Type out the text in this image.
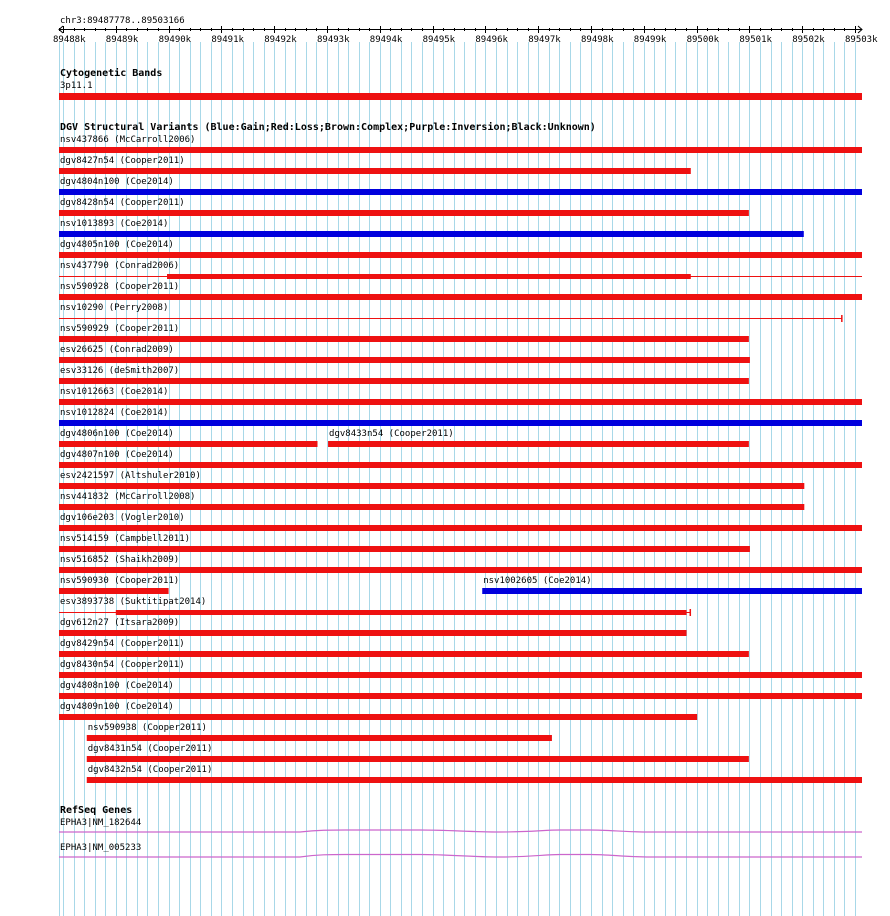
chr3:89487778..89503166
89488k 89489k 89490k 89491k 89492k 89493k 89494k 89495k 89496k 89497k 89498k 89499k 89500k 89501k 89502k 89503k
Cytogenetic Bands
DGV Structural Variants (Blue:Gain;Red:Loss;Brown:Complex;Purple:Inversion;Black:Unknown)
RefSeq Genes
3p11.1
nsv437866 (McCarroll2006)
dgv8427n54 (Cooper2011)
dgv4804n100 (Coe2014)
dgv8428n54 (Cooper2011)
nsv1013893 (Coe2014)
dgv4805n100 (Coe2014)
nsv437790 (Conrad2006)
nsv590928 (Cooper2011)
nsv10290 (Perry2008)
nsv590929 (Cooper2011)
esv26625 (Conrad2009)
esv33126 (deSmith2007)
nsv1012663 (Coe2014)
nsv1012824 (Coe2014)
dgv4806n100 (Coe2014)	dgv8433n54 (Cooper2011)
dgv4807n100 (Coe2014)
esv2421597 (Altshuler2010)
nsv441832 (McCarroll2008)
dgv106e203 (Vogler2010)
nsv514159 (Campbell2011)
nsv516852 (Shaikh2009)
nsv590930 (Cooper2011)	nsv1002605 (Coe2014)
esv3893738 (Suktitipat2014)
dgv612n27 (Itsara2009)
dgv8429n54 (Cooper2011)
dgv8430n54 (Cooper2011)
dgv4808n100 (Coe2014)
dgv4809n100 (Coe2014)
nsv590938 (Cooper2011)
dgv8431n54 (Cooper2011)
dgv8432n54 (Cooper2011)
EPHA3|NM_182644
EPHA3|NM_005233
